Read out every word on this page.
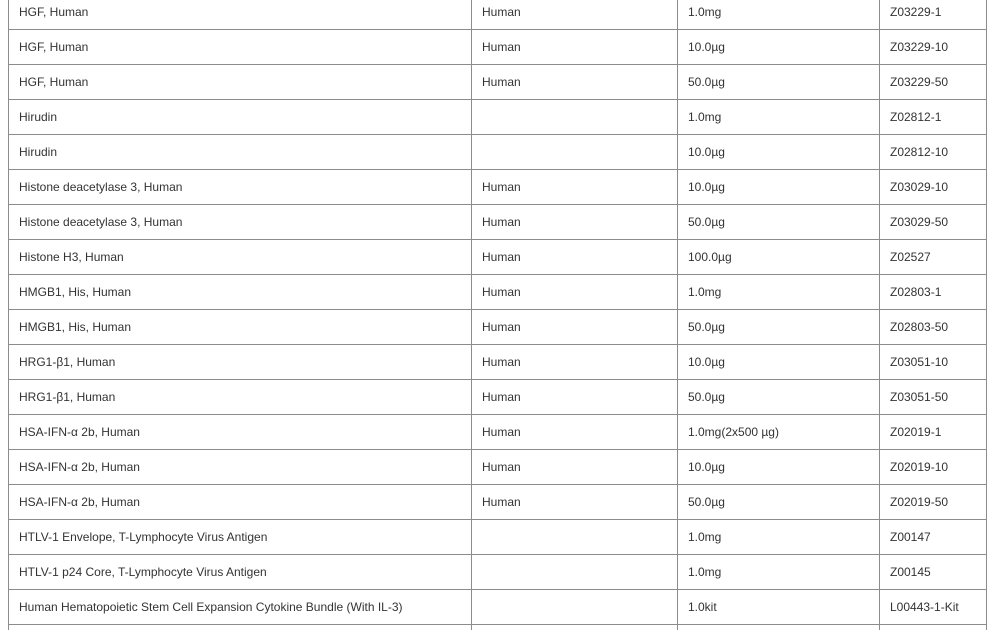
HGF, Human	Human	1.0mg	Z03229-1
HGF, Human	Human	10.0µg	Z03229-10
HGF, Human	Human	50.0µg	Z03229-50
Hirudin		1.0mg	Z02812-1
Hirudin		10.0µg	Z02812-10
Histone deacetylase 3, Human	Human	10.0µg	Z03029-10
Histone deacetylase 3, Human	Human	50.0µg	Z03029-50
Histone H3, Human	Human	100.0µg	Z02527
HMGB1, His, Human	Human	1.0mg	Z02803-1
HMGB1, His, Human	Human	50.0µg	Z02803-50
HRG1-β1, Human	Human	10.0µg	Z03051-10
HRG1-β1, Human	Human	50.0µg	Z03051-50
HSA-IFN-α 2b, Human	Human	1.0mg(2x500 µg)	Z02019-1
HSA-IFN-α 2b, Human	Human	10.0µg	Z02019-10
HSA-IFN-α 2b, Human	Human	50.0µg	Z02019-50
HTLV-1 Envelope, T-Lymphocyte Virus Antigen		1.0mg	Z00147
HTLV-1 p24 Core, T-Lymphocyte Virus Antigen		1.0mg	Z00145
Human Hematopoietic Stem Cell Expansion Cytokine Bundle (With IL-3)		1.0kit	L00443-1-Kit
